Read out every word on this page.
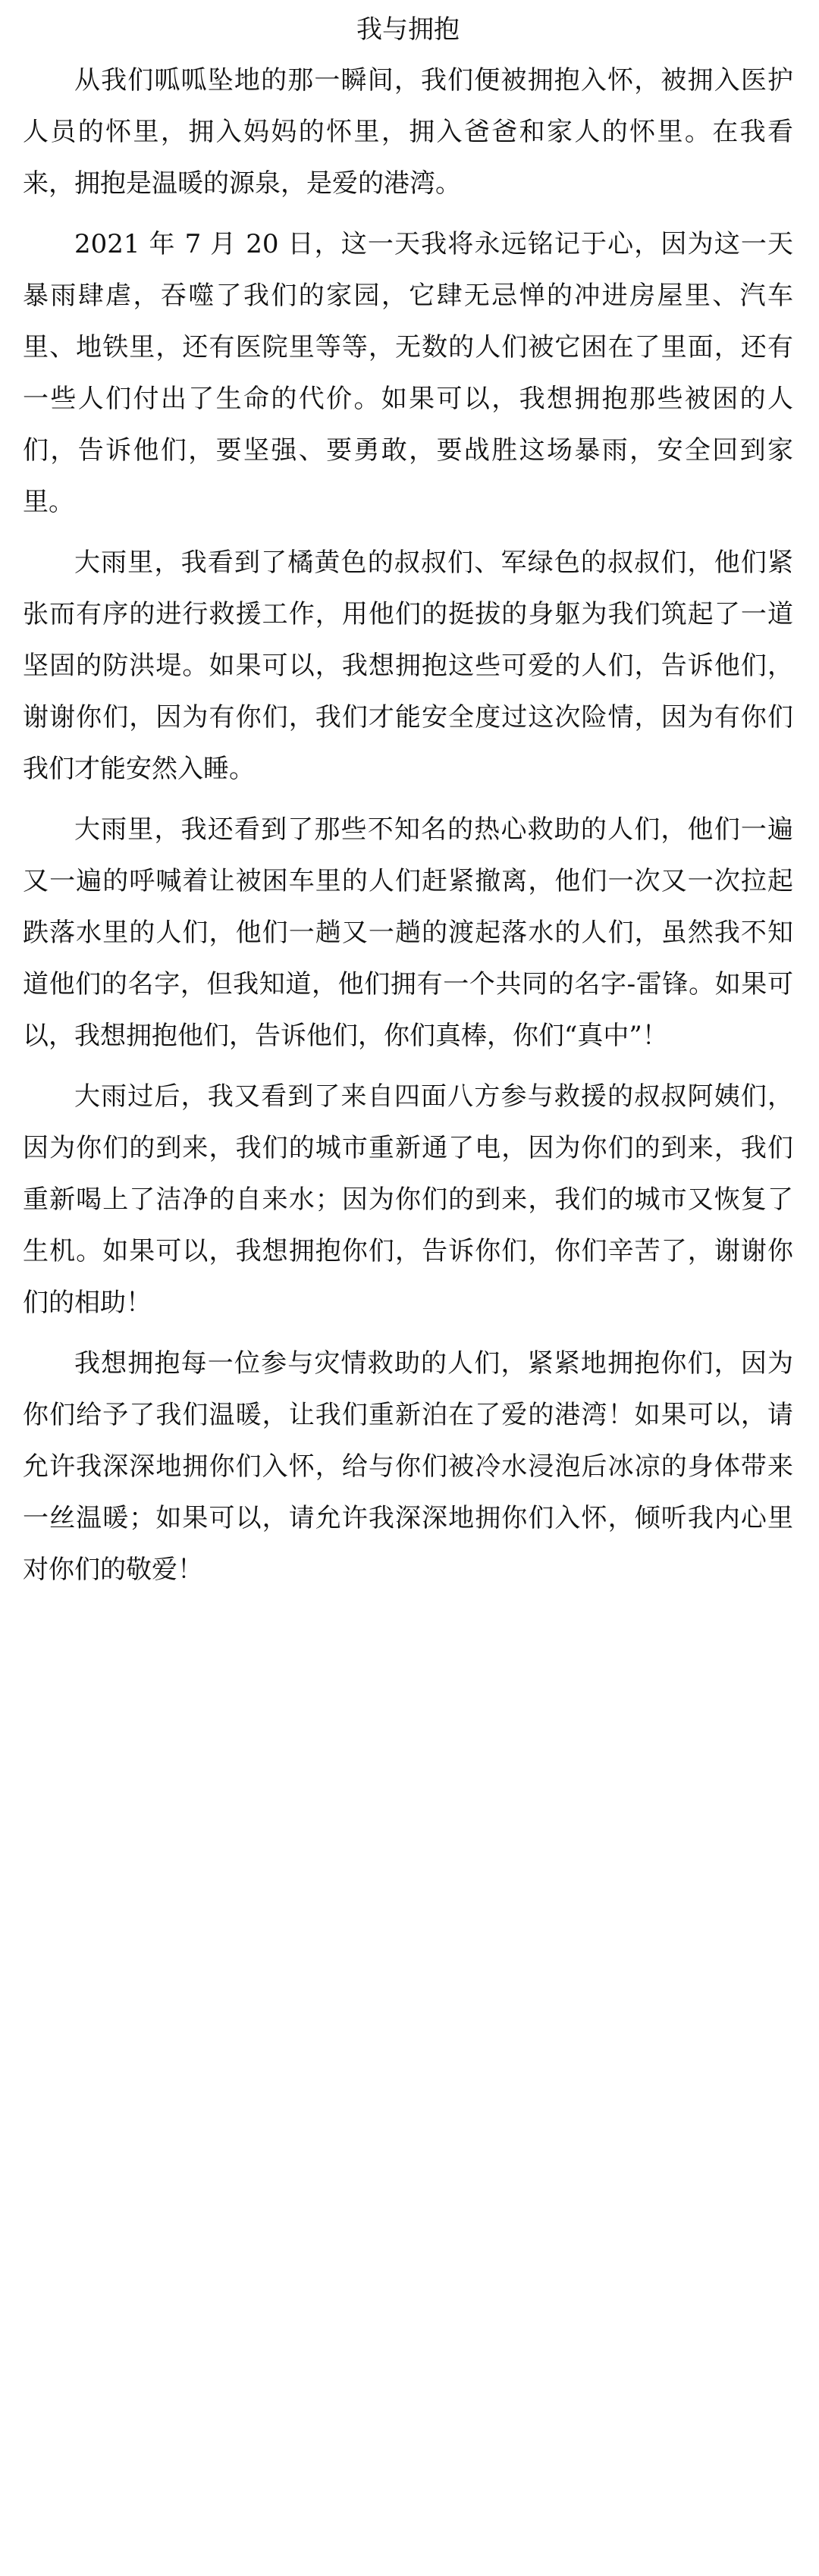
我与拥抱

从我们呱呱坠地的那一瞬间，我们便被拥抱入怀，被拥入医护人员的怀里，拥入妈妈的怀里，拥入爸爸和家人的怀里。在我看来，拥抱是温暖的源泉，是爱的港湾。

2021 年 7 月 20 日，这一天我将永远铭记于心，因为这一天暴雨肆虐，吞噬了我们的家园，它肆无忌惮的冲进房屋里、汽车里、地铁里，还有医院里等等，无数的人们被它困在了里面，还有一些人们付出了生命的代价。如果可以，我想拥抱那些被困的人们，告诉他们，要坚强、要勇敢，要战胜这场暴雨，安全回到家里。

大雨里，我看到了橘黄色的叔叔们、军绿色的叔叔们，他们紧张而有序的进行救援工作，用他们的挺拔的身躯为我们筑起了一道坚固的防洪堤。如果可以，我想拥抱这些可爱的人们，告诉他们，谢谢你们，因为有你们，我们才能安全度过这次险情，因为有你们我们才能安然入睡。

大雨里，我还看到了那些不知名的热心救助的人们，他们一遍又一遍的呼喊着让被困车里的人们赶紧撤离，他们一次又一次拉起跌落水里的人们，他们一趟又一趟的渡起落水的人们，虽然我不知道他们的名字，但我知道，他们拥有一个共同的名字-雷锋。如果可以，我想拥抱他们，告诉他们，你们真棒，你们“真中”！

大雨过后，我又看到了来自四面八方参与救援的叔叔阿姨们，因为你们的到来，我们的城市重新通了电，因为你们的到来，我们重新喝上了洁净的自来水；因为你们的到来，我们的城市又恢复了生机。如果可以，我想拥抱你们，告诉你们，你们辛苦了，谢谢你们的相助！

我想拥抱每一位参与灾情救助的人们，紧紧地拥抱你们，因为你们给予了我们温暖，让我们重新泊在了爱的港湾！如果可以，请允许我深深地拥你们入怀，给与你们被冷水浸泡后冰凉的身体带来一丝温暖；如果可以，请允许我深深地拥你们入怀，倾听我内心里对你们的敬爱！
